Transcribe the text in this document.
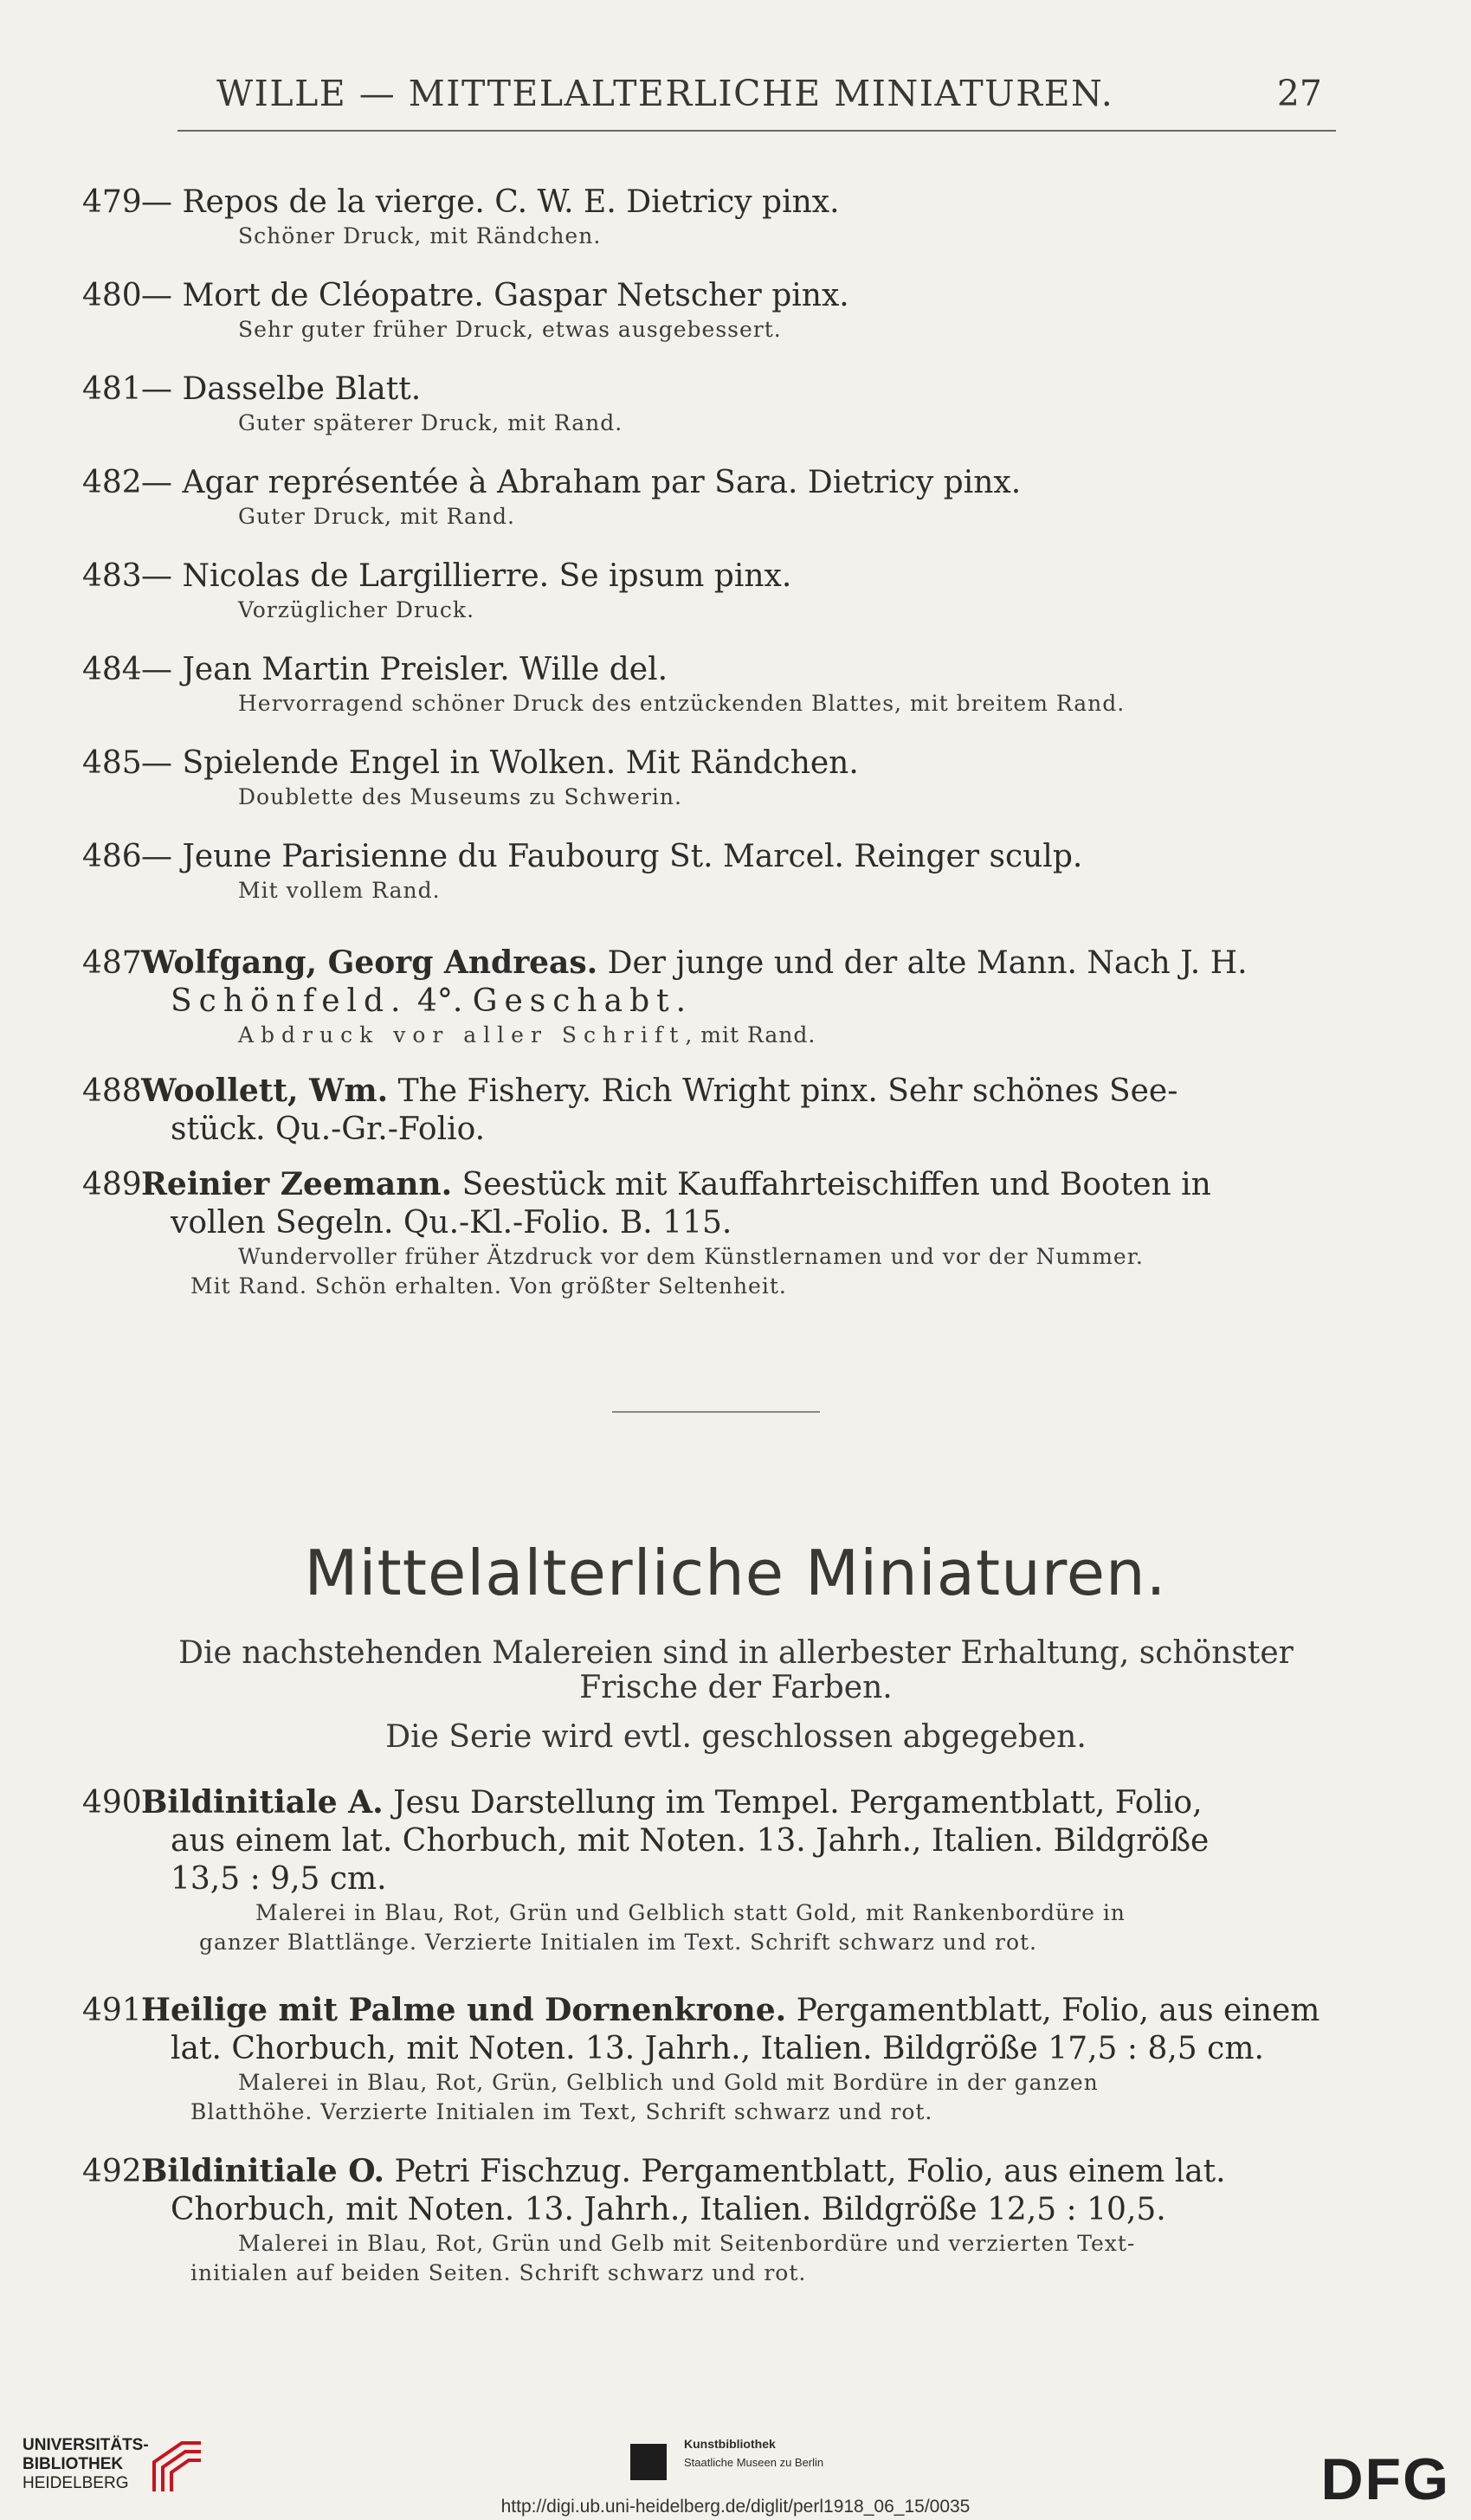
WILLE — MITTELALTERLICHE MINIATUREN.	27
479— Repos de la vierge. C. W. E. Dietricy pinx.
Schöner Druck, mit Rändchen.
480— Mort de Cléopatre. Gaspar Netscher pinx.
Sehr guter früher Druck, etwas ausgebessert.
481— Dasselbe Blatt.
Guter späterer Druck, mit Rand.
482— Agar représentée à Abraham par Sara. Dietricy pinx.
Guter Druck, mit Rand.
483— Nicolas de Largillierre. Se ipsum pinx.
Vorzüglicher Druck.
484— Jean Martin Preisler. Wille del.
Hervorragend schöner Druck des entzückenden Blattes, mit breitem Rand.
485— Spielende Engel in Wolken. Mit Rändchen.
Doublette des Museums zu Schwerin.
486— Jeune Parisienne du Faubourg St. Marcel. Reinger sculp.
Mit vollem Rand.
487Wolfgang, Georg Andreas. Der junge und der alte Mann. Nach J. H.
Schönfeld. 4°. Geschabt.
Abdruck vor aller Schrift, mit Rand.
488Woollett, Wm. The Fishery. Rich Wright pinx. Sehr schönes See-
stück. Qu.-Gr.-Folio.
489Reinier Zeemann. Seestück mit Kauffahrteischiffen und Booten in
vollen Segeln. Qu.-Kl.-Folio. B. 115.
Wundervoller früher Ätzdruck vor dem Künstlernamen und vor der Nummer.
Mit Rand. Schön erhalten. Von größter Seltenheit.
Mittelalterliche Miniaturen.
Die nachstehenden Malereien sind in allerbester Erhaltung, schönster
Frische der Farben.
Die Serie wird evtl. geschlossen abgegeben.
490Bildinitiale A. Jesu Darstellung im Tempel. Pergamentblatt, Folio,
aus einem lat. Chorbuch, mit Noten. 13. Jahrh., Italien. Bildgröße
13,5 : 9,5 cm.
Malerei in Blau, Rot, Grün und Gelblich statt Gold, mit Rankenbordüre in
ganzer Blattlänge. Verzierte Initialen im Text. Schrift schwarz und rot.
491Heilige mit Palme und Dornenkrone. Pergamentblatt, Folio, aus einem
lat. Chorbuch, mit Noten. 13. Jahrh., Italien. Bildgröße 17,5 : 8,5 cm.
Malerei in Blau, Rot, Grün, Gelblich und Gold mit Bordüre in der ganzen
Blatthöhe. Verzierte Initialen im Text, Schrift schwarz und rot.
492Bildinitiale O. Petri Fischzug. Pergamentblatt, Folio, aus einem lat.
Chorbuch, mit Noten. 13. Jahrh., Italien. Bildgröße 12,5 : 10,5.
Malerei in Blau, Rot, Grün und Gelb mit Seitenbordüre und verzierten Text-
initialen auf beiden Seiten. Schrift schwarz und rot.
UNIVERSITÄTS-
BIBLIOTHEK
HEIDELBERG
Kunstbibliothek
Staatliche Museen zu Berlin	DFG
http://digi.ub.uni-heidelberg.de/diglit/perl1918_06_15/0035
